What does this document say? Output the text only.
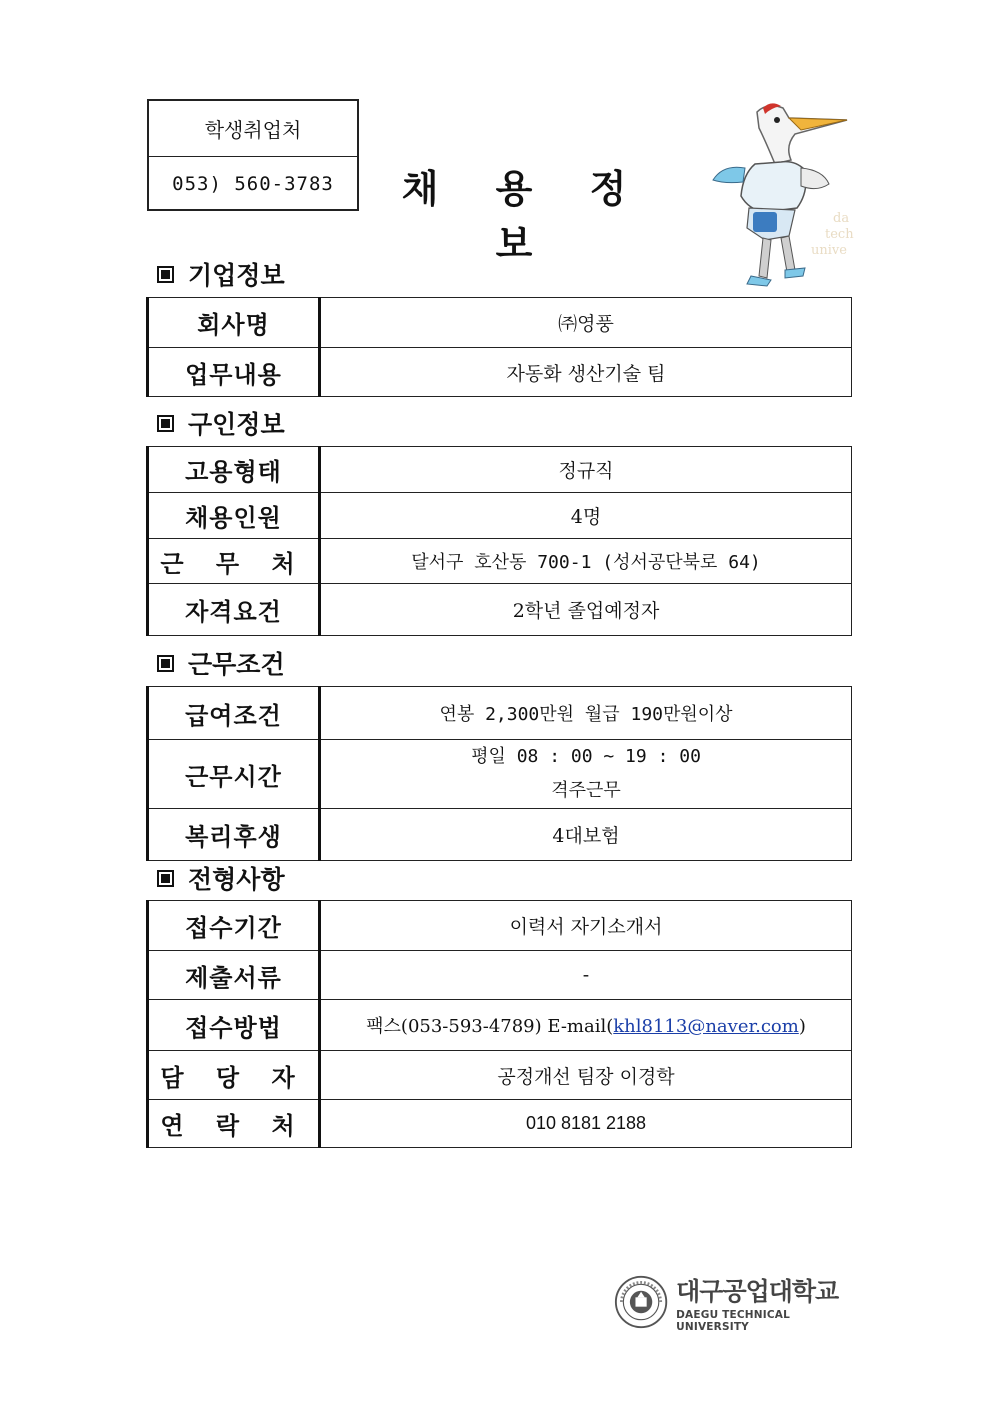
학생취업처
053) 560-3783	채 용 정 보
da
tech
unive
기업정보
회사명	㈜영풍
업무내용	자동화 생산기술 팀
구인정보
고용형태	정규직
채용인원	4명
근 무 처	달서구 호산동 700-1 (성서공단북로 64)
자격요건	2학년 졸업예정자
근무조건
급여조건	연봉 2,300만원 월급 190만원이상
근무시간	평일 08 : 00 ~ 19 : 00
격주근무

복리후생	4대보험
전형사항
접수기간	이력서 자기소개서
제출서류	-
접수방법	팩스(053-593-4789) E-mail(khl8113@naver.com)
담 당 자	공정개선 팀장 이경학
연 락 처	010 8181 2188
대구공업대학교
DAEGU TECHNICAL UNIVERSITY
